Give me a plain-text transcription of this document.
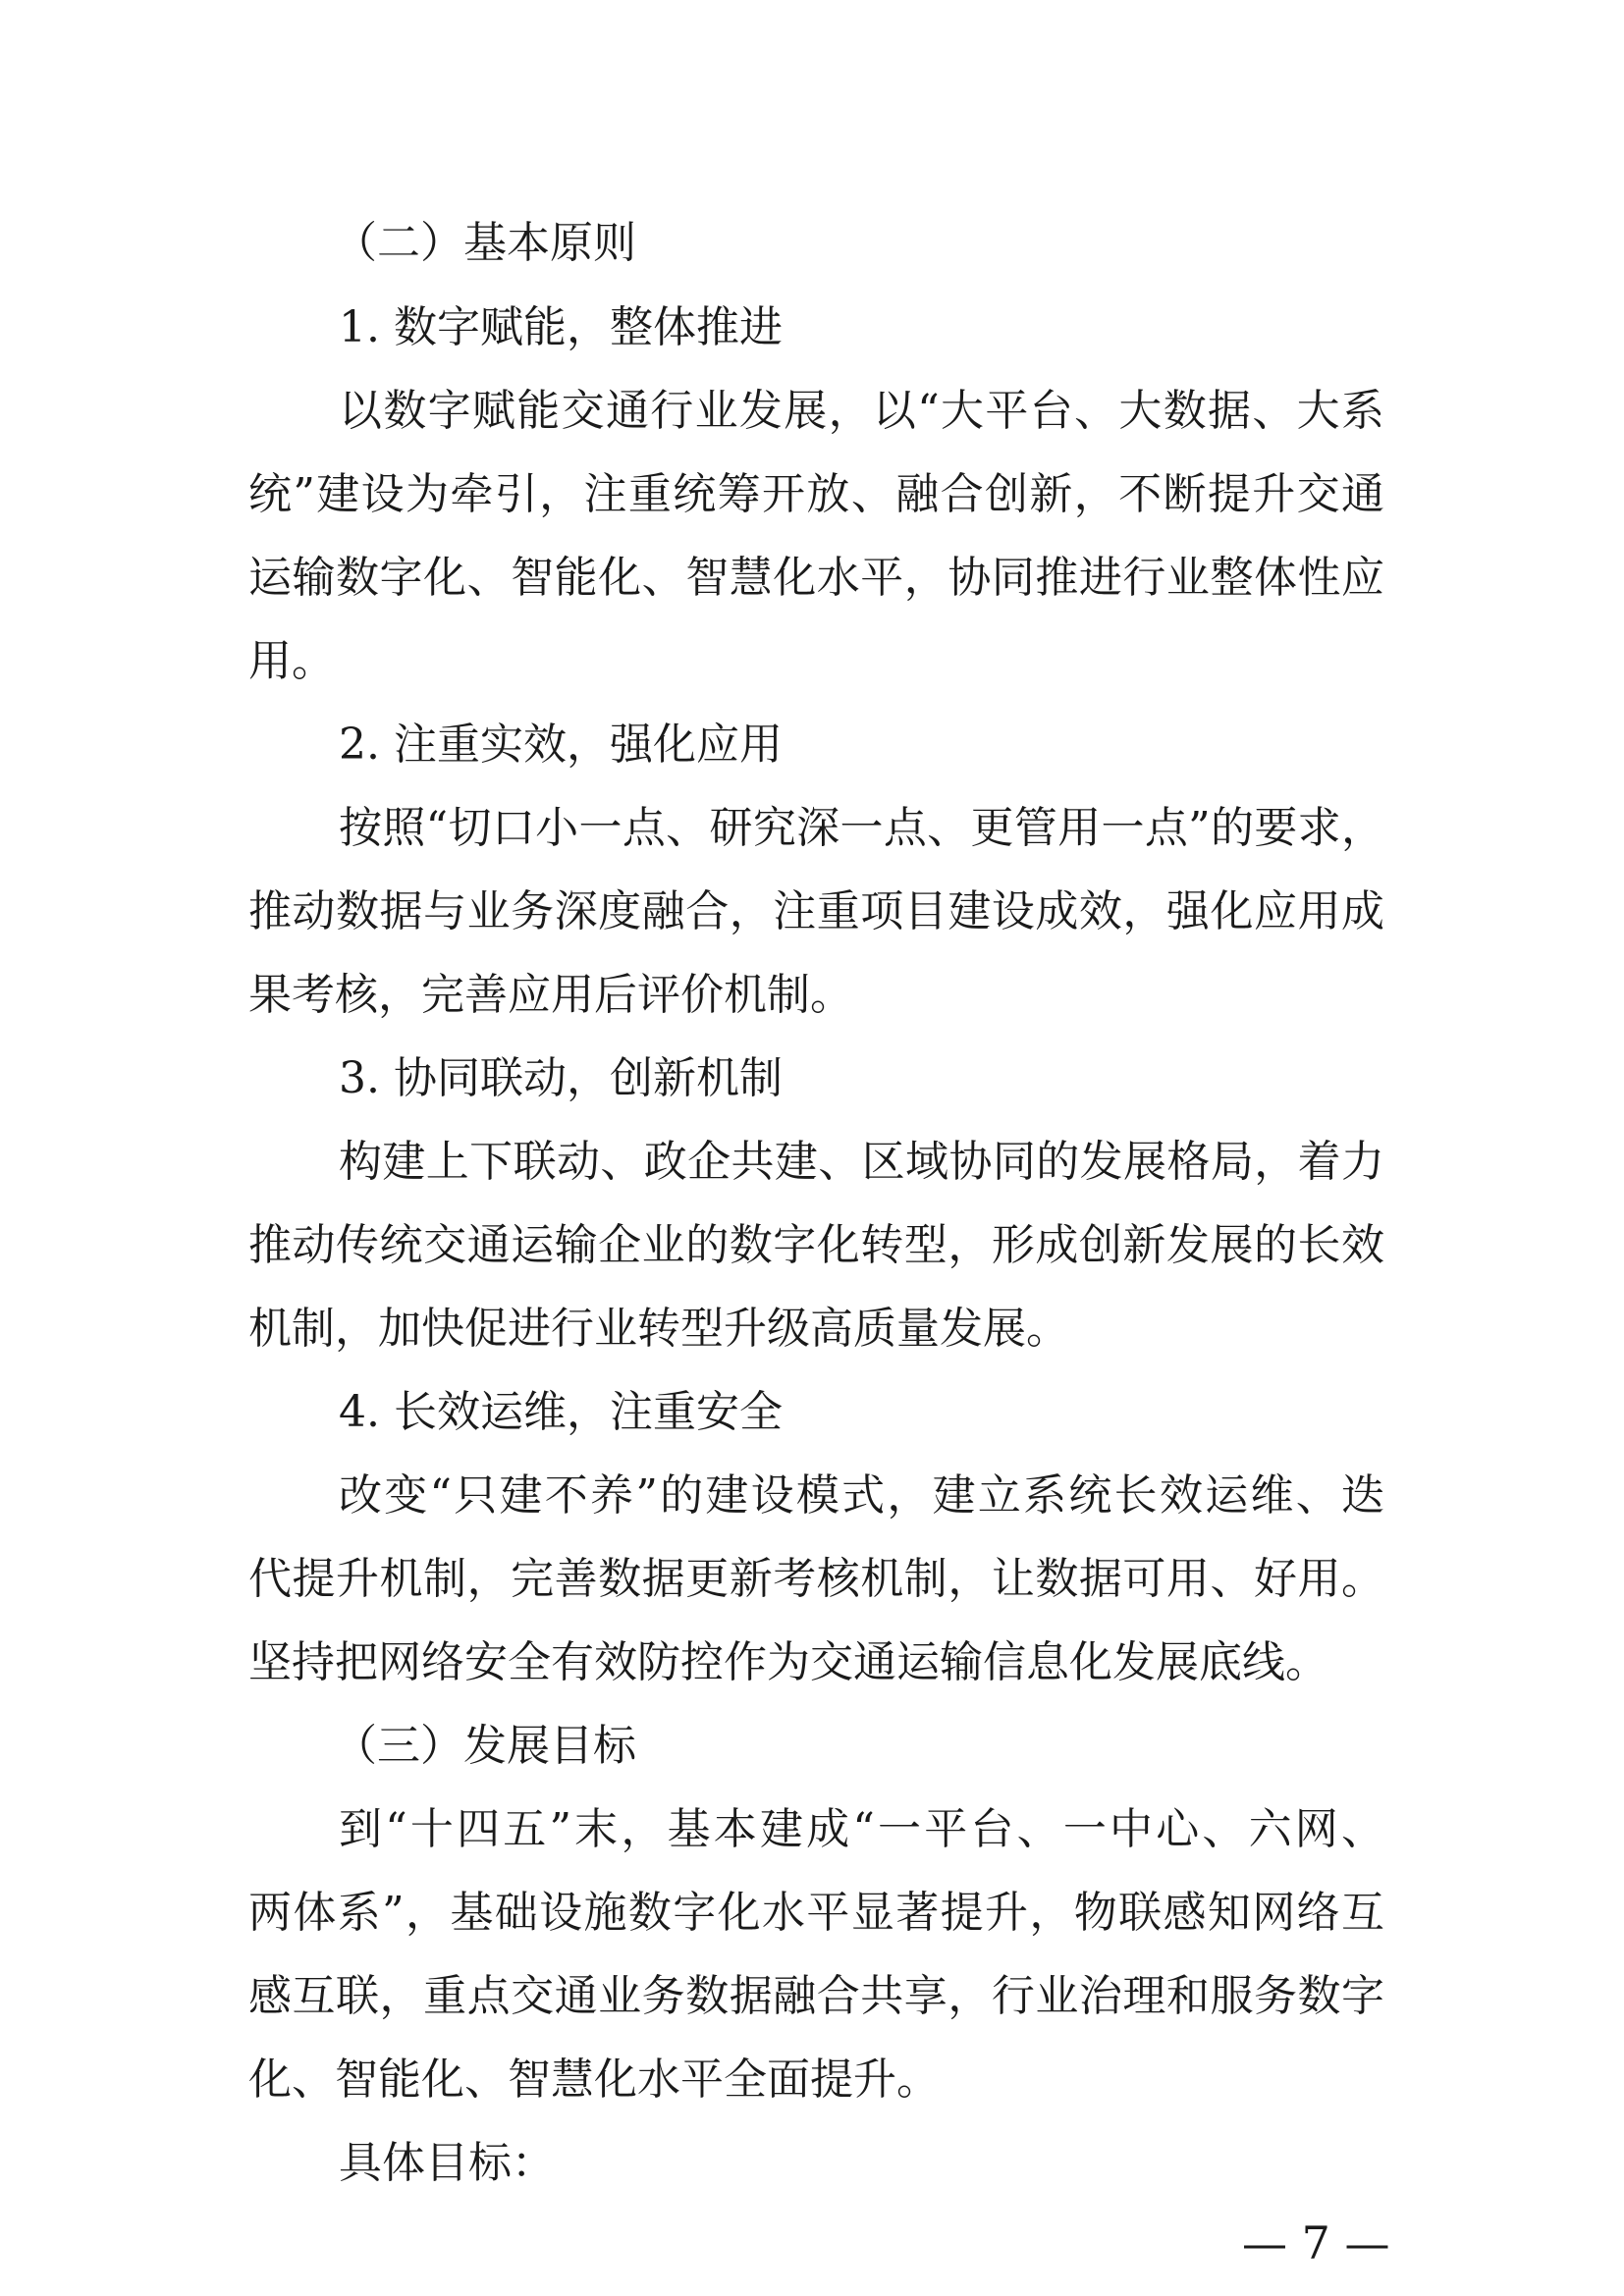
（二）基本原则
1. 数字赋能，整体推进
以数字赋能交通行业发展，以“大平台、大数据、大系
统”建设为牵引，注重统筹开放、融合创新，不断提升交通
运输数字化、智能化、智慧化水平，协同推进行业整体性应
用。
2. 注重实效，强化应用
按照“切口小一点、研究深一点、更管用一点”的要求，
推动数据与业务深度融合，注重项目建设成效，强化应用成
果考核，完善应用后评价机制。
3. 协同联动，创新机制
构建上下联动、政企共建、区域协同的发展格局，着力
推动传统交通运输企业的数字化转型，形成创新发展的长效
机制，加快促进行业转型升级高质量发展。
4. 长效运维，注重安全
改变“只建不养”的建设模式，建立系统长效运维、迭
代提升机制，完善数据更新考核机制，让数据可用、好用。
坚持把网络安全有效防控作为交通运输信息化发展底线。
（三）发展目标
到“十四五”末，基本建成“一平台、一中心、六网、
两体系”，基础设施数字化水平显著提升，物联感知网络互
感互联，重点交通业务数据融合共享，行业治理和服务数字
化、智能化、智慧化水平全面提升。
具体目标：
— 7 —
